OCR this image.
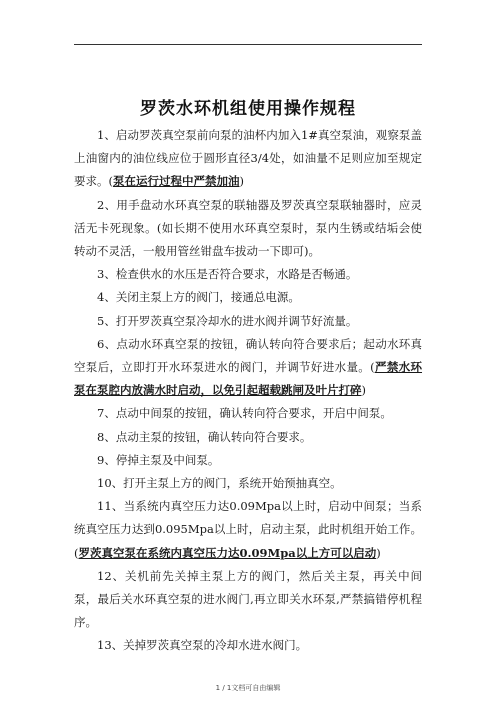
罗茨水环机组使用操作规程

1、启动罗茨真空泵前向泵的油杯内加入1#真空泵油，观察泵盖上油窗内的油位线应位于圆形直径3/4处，如油量不足则应加至规定要求。(泵在运行过程中严禁加油)

2、用手盘动水环真空泵的联轴器及罗茨真空泵联轴器时，应灵活无卡死现象。(如长期不使用水环真空泵时，泵内生锈或结垢会使转动不灵活，一般用管丝钳盘车拔动一下即可)。

3、检查供水的水压是否符合要求，水路是否畅通。

4、关闭主泵上方的阀门，接通总电源。

5、打开罗茨真空泵冷却水的进水阀并调节好流量。

6、点动水环真空泵的按钮，确认转向符合要求后；起动水环真空泵后，立即打开水环泵进水的阀门，并调节好进水量。(严禁水环泵在泵腔内放满水时启动，以免引起超载跳闸及叶片打碎)

7、点动中间泵的按钮，确认转向符合要求，开启中间泵。

8、点动主泵的按钮，确认转向符合要求。

9、停掉主泵及中间泵。

10、打开主泵上方的阀门，系统开始预抽真空。

11、当系统内真空压力达0.09Mpa以上时，启动中间泵；当系统真空压力达到0.095Mpa以上时，启动主泵，此时机组开始工作。(罗茨真空泵在系统内真空压力达0.09Mpa以上方可以启动)

12、关机前先关掉主泵上方的阀门，然后关主泵，再关中间泵，最后关水环真空泵的进水阀门,再立即关水环泵,严禁搞错停机程序。

13、关掉罗茨真空泵的冷却水进水阀门。

1 / 1文档可自由编辑
